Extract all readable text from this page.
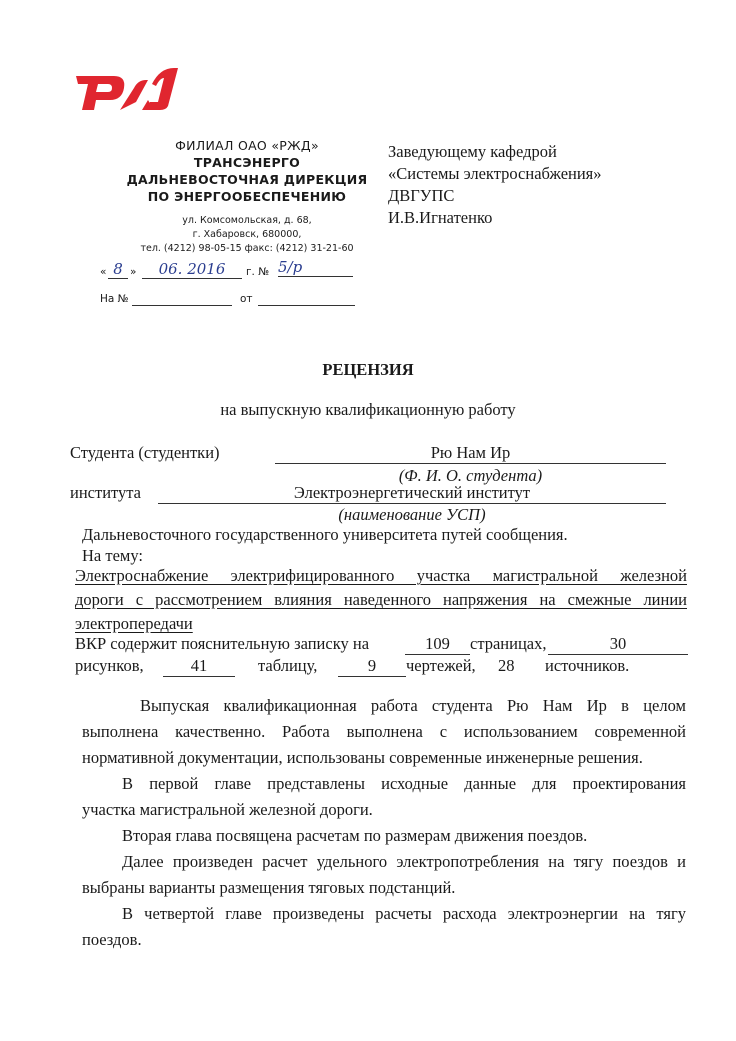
ФИЛИАЛ ОАО «РЖД»
ТРАНСЭНЕРГО
ДАЛЬНЕВОСТОЧНАЯ ДИРЕКЦИЯ
ПО ЭНЕРГООБЕСПЕЧЕНИЮ
ул. Комсомольская, д. 68,
г. Хабаровск, 680000,
тел. (4212) 98-05-15 факс: (4212) 31-21-60
« 8 »	06. 2016	г. № 5/р
На №	от
Заведующему кафедрой
«Системы электроснабжения»
ДВГУПС
И.В.Игнатенко
РЕЦЕНЗИЯ
на выпускную квалификационную работу
Студента (студентки)	Рю Нам Ир
(Ф. И. О. студента)
института	Электроэнергетический институт
(наименование УСП)
Дальневосточного государственного университета путей сообщения.
На тему:
Электроснабжение электрифицированного участка магистральной железной
дороги с рассмотрением влияния наведенного напряжения на смежные линии
электропередачи
ВКР содержит пояснительную записку на	109	страницах,	30
рисунков,	41	таблицу,	9	чертежей, 28 источников.
Выпуская квалификационная работа студента Рю Нам Ир в целом
выполнена качественно. Работа выполнена с использованием современной
нормативной документации, использованы современные инженерные решения.
В первой главе представлены исходные данные для проектирования
участка магистральной железной дороги.
Вторая глава посвящена расчетам по размерам движения поездов.
Далее произведен расчет удельного электропотребления на тягу поездов и
выбраны варианты размещения тяговых подстанций.
В четвертой главе произведены расчеты расхода электроэнергии на тягу
поездов.
